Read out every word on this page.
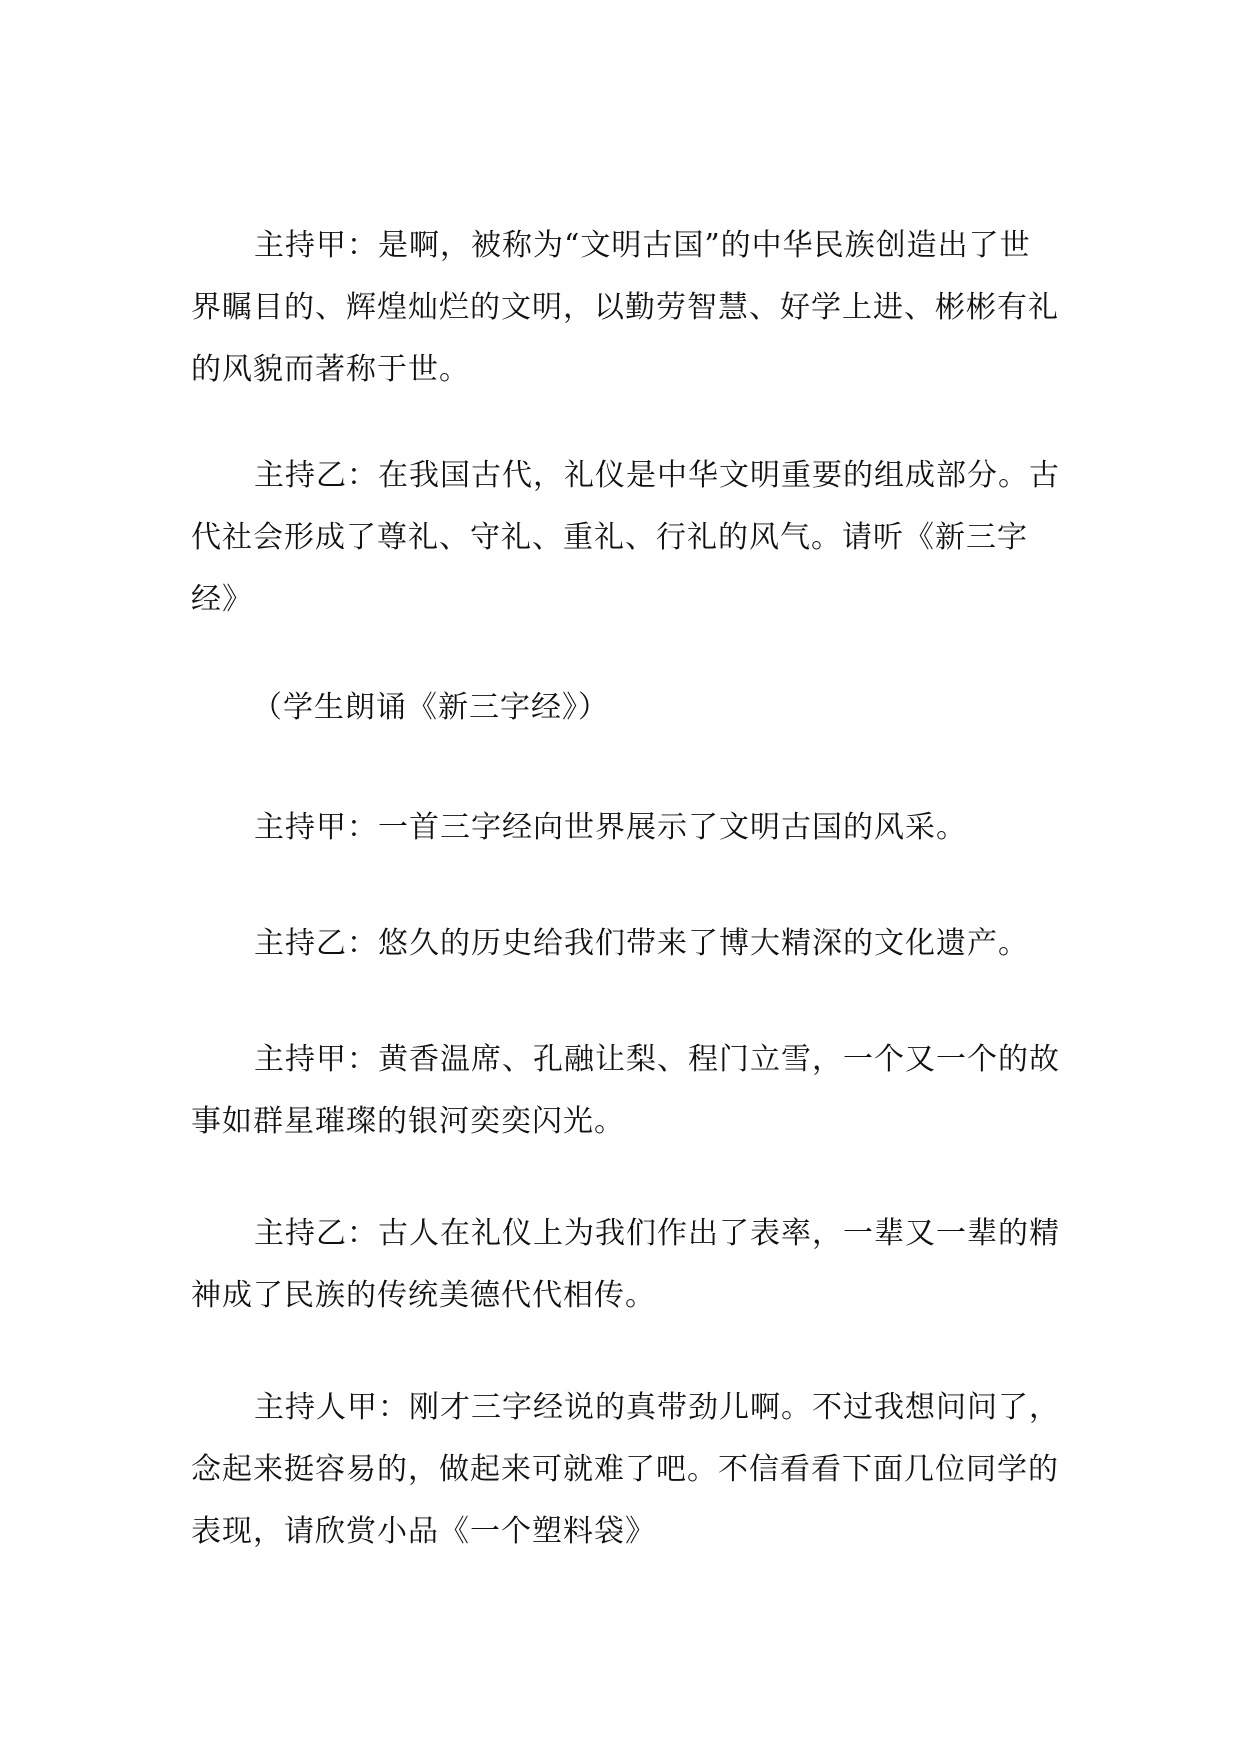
主持甲：是啊，被称为“文明古国”的中华民族创造出了世界瞩目的、辉煌灿烂的文明，以勤劳智慧、好学上进、彬彬有礼的风貌而著称于世。

主持乙：在我国古代，礼仪是中华文明重要的组成部分。古代社会形成了尊礼、守礼、重礼、行礼的风气。请听《新三字经》

（学生朗诵《新三字经》）

主持甲：一首三字经向世界展示了文明古国的风采。

主持乙：悠久的历史给我们带来了博大精深的文化遗产。

主持甲：黄香温席、孔融让梨、程门立雪，一个又一个的故事如群星璀璨的银河奕奕闪光。

主持乙：古人在礼仪上为我们作出了表率，一辈又一辈的精神成了民族的传统美德代代相传。

主持人甲：刚才三字经说的真带劲儿啊。不过我想问问了，念起来挺容易的，做起来可就难了吧。不信看看下面几位同学的表现，请欣赏小品《一个塑料袋》
